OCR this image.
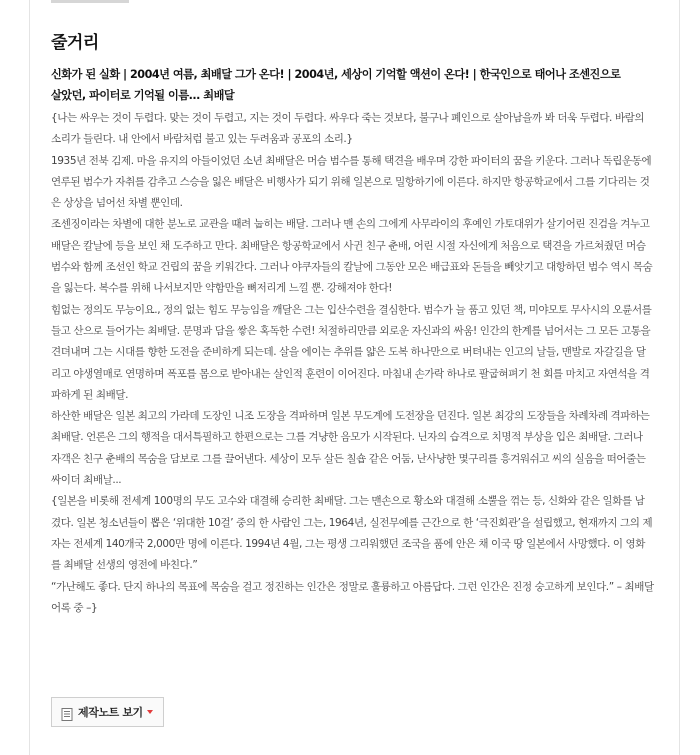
줄거리

신화가 된 실화 | 2004년 여름, 최배달 그가 온다! | 2004년, 세상이 기억할 액션이 온다! | 한국인으로 태어나 조센진으로 살았던, 파이터로 기억될 이름... 최배달

{나는 싸우는 것이 두렵다. 맞는 것이 두렵고, 지는 것이 두렵다. 싸우다 죽는 것보다, 불구나 폐인으로 살아남을까 봐 더욱 두렵다. 바람의 소리가 들린다. 내 안에서 바람처럼 불고 있는 두려움과 공포의 소리.}

1935년 전북 김제. 마을 유지의 아들이었던 소년 최배달은 머슴 범수를 통해 택견을 배우며 강한 파이터의 꿈을 키운다. 그러나 독립운동에 연루된 범수가 자취를 감추고 스승을 잃은 배달은 비행사가 되기 위해 일본으로 밀항하기에 이른다. 하지만 항공학교에서 그를 기다리는 것은 상상을 넘어선 차별 뿐인데.

조센징이라는 차별에 대한 분노로 교관을 때려 눕히는 배달. 그러나 맨 손의 그에게 사무라이의 후예인 가토대위가 살기어린 진검을 겨누고 배달은 칼날에 등을 보인 채 도주하고 만다. 최배달은 항공학교에서 사귄 친구 춘배, 어린 시절 자신에게 처음으로 택견을 가르쳐줬던 머슴 범수와 함께 조선인 학교 건립의 꿈을 키워간다. 그러나 야쿠자들의 칼날에 그동안 모은 배급표와 돈들을 빼앗기고 대항하던 범수 역시 목숨을 잃는다. 복수를 위해 나서보지만 약함만을 뼈저리게 느낄 뿐. 강해져야 한다!

힘없는 정의도 무능이요., 정의 없는 힘도 무능임을 깨달은 그는 입산수련을 결심한다. 범수가 늘 품고 있던 책, 미야모토 무사시의 오륜서를 들고 산으로 들어가는 최배달. 문명과 담을 쌓은 혹독한 수련! 처절하리만큼 외로운 자신과의 싸움! 인간의 한계를 넘어서는 그 모든 고통을 견뎌내며 그는 시대를 향한 도전을 준비하게 되는데. 살을 에이는 추위를 얇은 도복 하나만으로 버텨내는 인고의 날들, 맨발로 자갈길을 달리고 야생열매로 연명하며 폭포를 몸으로 받아내는 살인적 훈련이 이어진다. 마침내 손가락 하나로 팔굽혀펴기 천 회를 마치고 자연석을 격파하게 된 최배달.

하산한 배달은 일본 최고의 가라데 도장인 니조 도장을 격파하며 일본 무도계에 도전장을 던진다. 일본 최강의 도장들을 차례차례 격파하는 최배달. 언론은 그의 행적을 대서특필하고 한편으로는 그를 겨냥한 음모가 시작된다. 닌자의 습격으로 치명적 부상을 입은 최배달. 그러나 자객은 친구 춘배의 목숨을 담보로 그를 끌어낸다. 세상이 모두 살든 칠숍 같은 어둠, 난사냥한 몇구리를 흥겨워쉬고 씨의 실음을 떠어줄는 싸이더 최배날...

{일본을 비롯해 전세계 100명의 무도 고수와 대결해 승리한 최배달. 그는 맨손으로 황소와 대결해 소뿔을 꺾는 등, 신화와 같은 일화를 남겼다. 일본 청소년들이 뽑은 ‘위대한 10걸’ 중의 한 사람인 그는, 1964년, 실전무예를 근간으로 한 ‘극진회관’을 설립했고, 현재까지 그의 제자는 전세계 140개국 2,000만 명에 이른다. 1994년 4월, 그는 평생 그리워했던 조국을 품에 안은 채 이국 땅 일본에서 사망했다. 이 영화를 최배달 선생의 영전에 바친다.”

“가난해도 좋다. 단지 하나의 목표에 목숨을 걸고 정진하는 인간은 정말로 훌륭하고 아름답다. 그런 인간은 진정 숭고하게 보인다.” – 최배달 어록 중 –}

제작노트 보기
